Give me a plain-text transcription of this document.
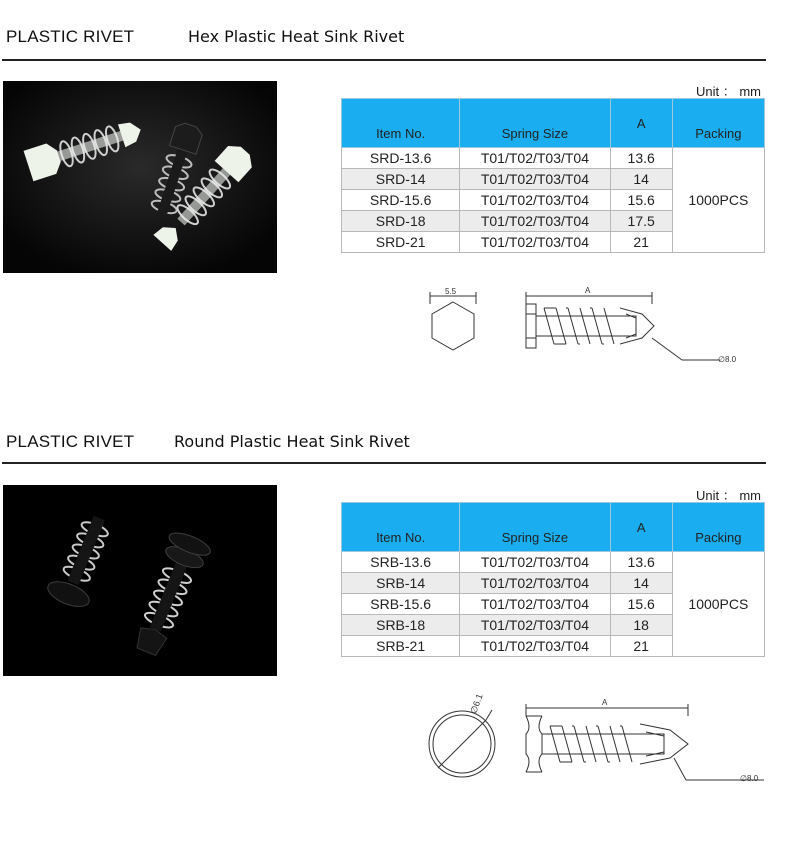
PLASTIC RIVET	Hex Plastic Heat Sink Rivet
Unit ： mm
Item No.	Spring Size	A	Packing
SRD-13.6	T01/T02/T03/T04	13.6	1000PCS
SRD-14	T01/T02/T03/T04	14	
SRD-15.6	T01/T02/T03/T04	15.6	
SRD-18	T01/T02/T03/T04	17.5	
SRD-21	T01/T02/T03/T04	21	
5.5	A
∅8.0
PLASTIC RIVET Round Plastic Heat Sink Rivet
Unit ： mm
Item No.	Spring Size	A	Packing
SRB-13.6	T01/T02/T03/T04	13.6	1000PCS
SRB-14	T01/T02/T03/T04	14	
SRB-15.6	T01/T02/T03/T04	15.6	
SRB-18	T01/T02/T03/T04	18	
SRB-21	T01/T02/T03/T04	21	
∅6.1	A
∅8.0
